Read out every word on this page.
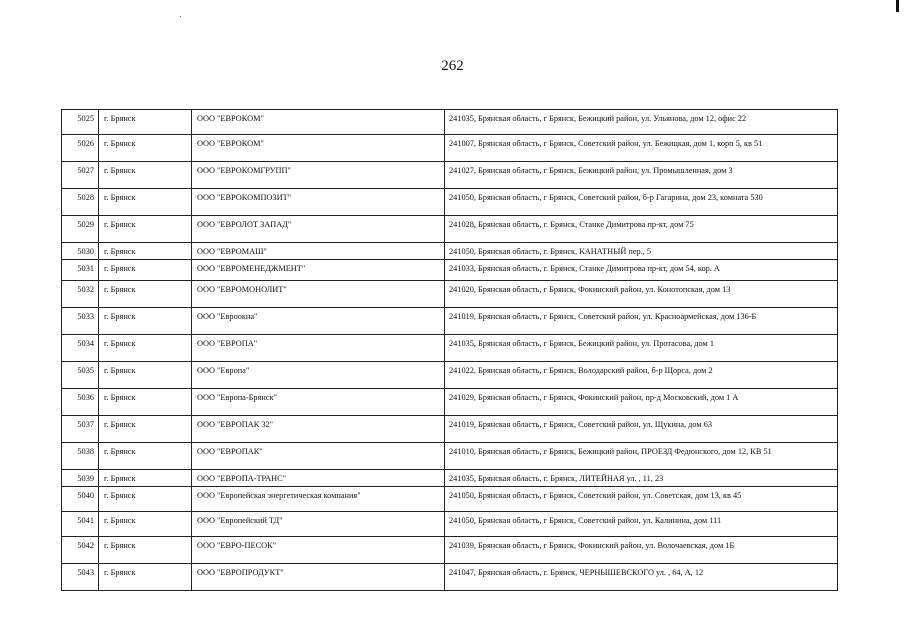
262
5025	г. Брянск	ООО "ЕВРОКОМ"	241035, Брянская область, г Брянск, Бежицкий район, ул. Ульянова, дом 12, офис 22
5026	г. Брянск	ООО "ЕВРОКОМ"	241007, Брянская область, г Брянск, Советский район, ул. Бежицкая, дом 1, корп 5, кв 51
5027	г. Брянск	ООО "ЕВРОКОМГРУПП"	241027, Брянская область, г Брянск, Бежицкий район, ул. Промышленная, дом 3
5028	г. Брянск	ООО "ЕВРОКОМПОЗИТ"	241050, Брянская область, г Брянск, Советский район, б-р Гагарина, дом 23, комната 530
5029	г. Брянск	ООО "ЕВРОЛОТ ЗАПАД"	241028, Брянская область, г. Брянск, Станке Димитрова пр-кт, дом 75
5030	г. Брянск	ООО "ЕВРОМАШ"	241050, Брянская область, г. Брянск, КАНАТНЫЙ пер., 5
5031	г. Брянск	ООО "ЕВРОМЕНЕДЖМЕНТ"	241033, Брянская область, г. Брянск, Станке Димитрова пр-кт, дом 54, кор. А
5032	г. Брянск	ООО "ЕВРОМОНОЛИТ"	241020, Брянская область, г Брянск, Фокинский район, ул. Конотопская, дом 13
5033	г. Брянск	ООО "Евроокна"	241019, Брянская область, г Брянск, Советский район, ул. Красноармейская, дом 136-Б
5034	г. Брянск	ООО "ЕВРОПА"	241035, Брянская область, г Брянск, Бежицкий район, ул. Протасова, дом 1
5035	г. Брянск	ООО "Европа"	241022, Брянская область, г Брянск, Володарский район, б-р Щорса, дом 2
5036	г. Брянск	ООО "Европа-Брянск"	241029, Брянская область, г Брянск, Фокинский район, пр-д Московский, дом 1 А
5037	г. Брянск	ООО "ЕВРОПАК 32"	241019, Брянская область, г Брянск, Советский район, ул. Щукина, дом 63
5038	г. Брянск	ООО "ЕВРОПАК"	241010, Брянская область, г Брянск, Бежицкий район, ПРОЕЗД Федюнского, дом 12, КВ 51
5039	г. Брянск	ООО "ЕВРОПА-ТРАНС"	241035, Брянская область, г. Брянск, ЛИТЕЙНАЯ ул. , 11, 23
5040	г. Брянск	ООО "Европейская энергетическая компания"	241050, Брянская область, г Брянск, Советский район, ул. Советская, дом 13, кв 45
5041	г. Брянск	ООО "Европейский ТД"	241050, Брянская область, г Брянск, Советский район, ул. Калинина, дом 111
5042	г. Брянск	ООО "ЕВРО-ПЕСОК"	241039, Брянская область, г Брянск, Фокинский район, ул. Волочаевская, дом 1Б
5043	г. Брянск	ООО "ЕВРОПРОДУКТ"	241047, Брянская область, г. Брянск, ЧЕРНЫШЕВСКОГО ул. , 64, А, 12
